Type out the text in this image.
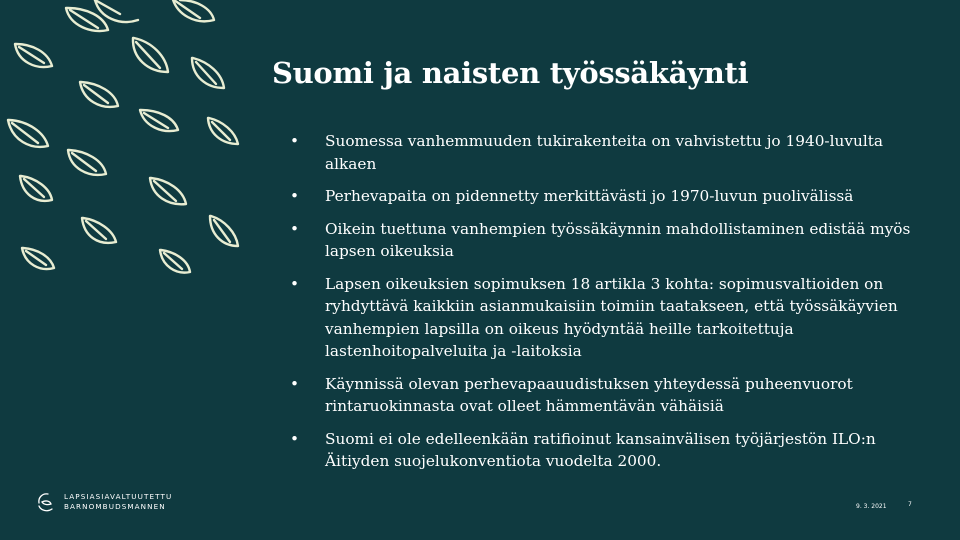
Suomi ja naisten työssäkäynti
•	Suomessa vanhemmuuden tukirakenteita on vahvistettu jo 1940-luvulta alkaen
•	Perhevapaita on pidennetty merkittävästi jo 1970-luvun puolivälissä
•	Oikein tuettuna vanhempien työssäkäynnin mahdollistaminen edistää myös lapsen oikeuksia
•	Lapsen oikeuksien sopimuksen 18 artikla 3 kohta: sopimusvaltioiden on ryhdyttävä kaikkiin asianmukaisiin toimiin taatakseen, että työssäkäyvien vanhempien lapsilla on oikeus hyödyntää heille tarkoitettuja lastenhoitopalveluita ja -laitoksia
•	Käynnissä olevan perhevapaauudistuksen yhteydessä puheenvuorot rintaruokinnasta ovat olleet hämmentävän vähäisiä
•	Suomi ei ole edelleenkään ratifioinut kansainvälisen työjärjestön ILO:n Äitiyden suojelukonventiota vuodelta 2000.
LAPSIASIAVALTUUTETTU
BARNOMBUDSMANNEN	9. 3. 2021	7
